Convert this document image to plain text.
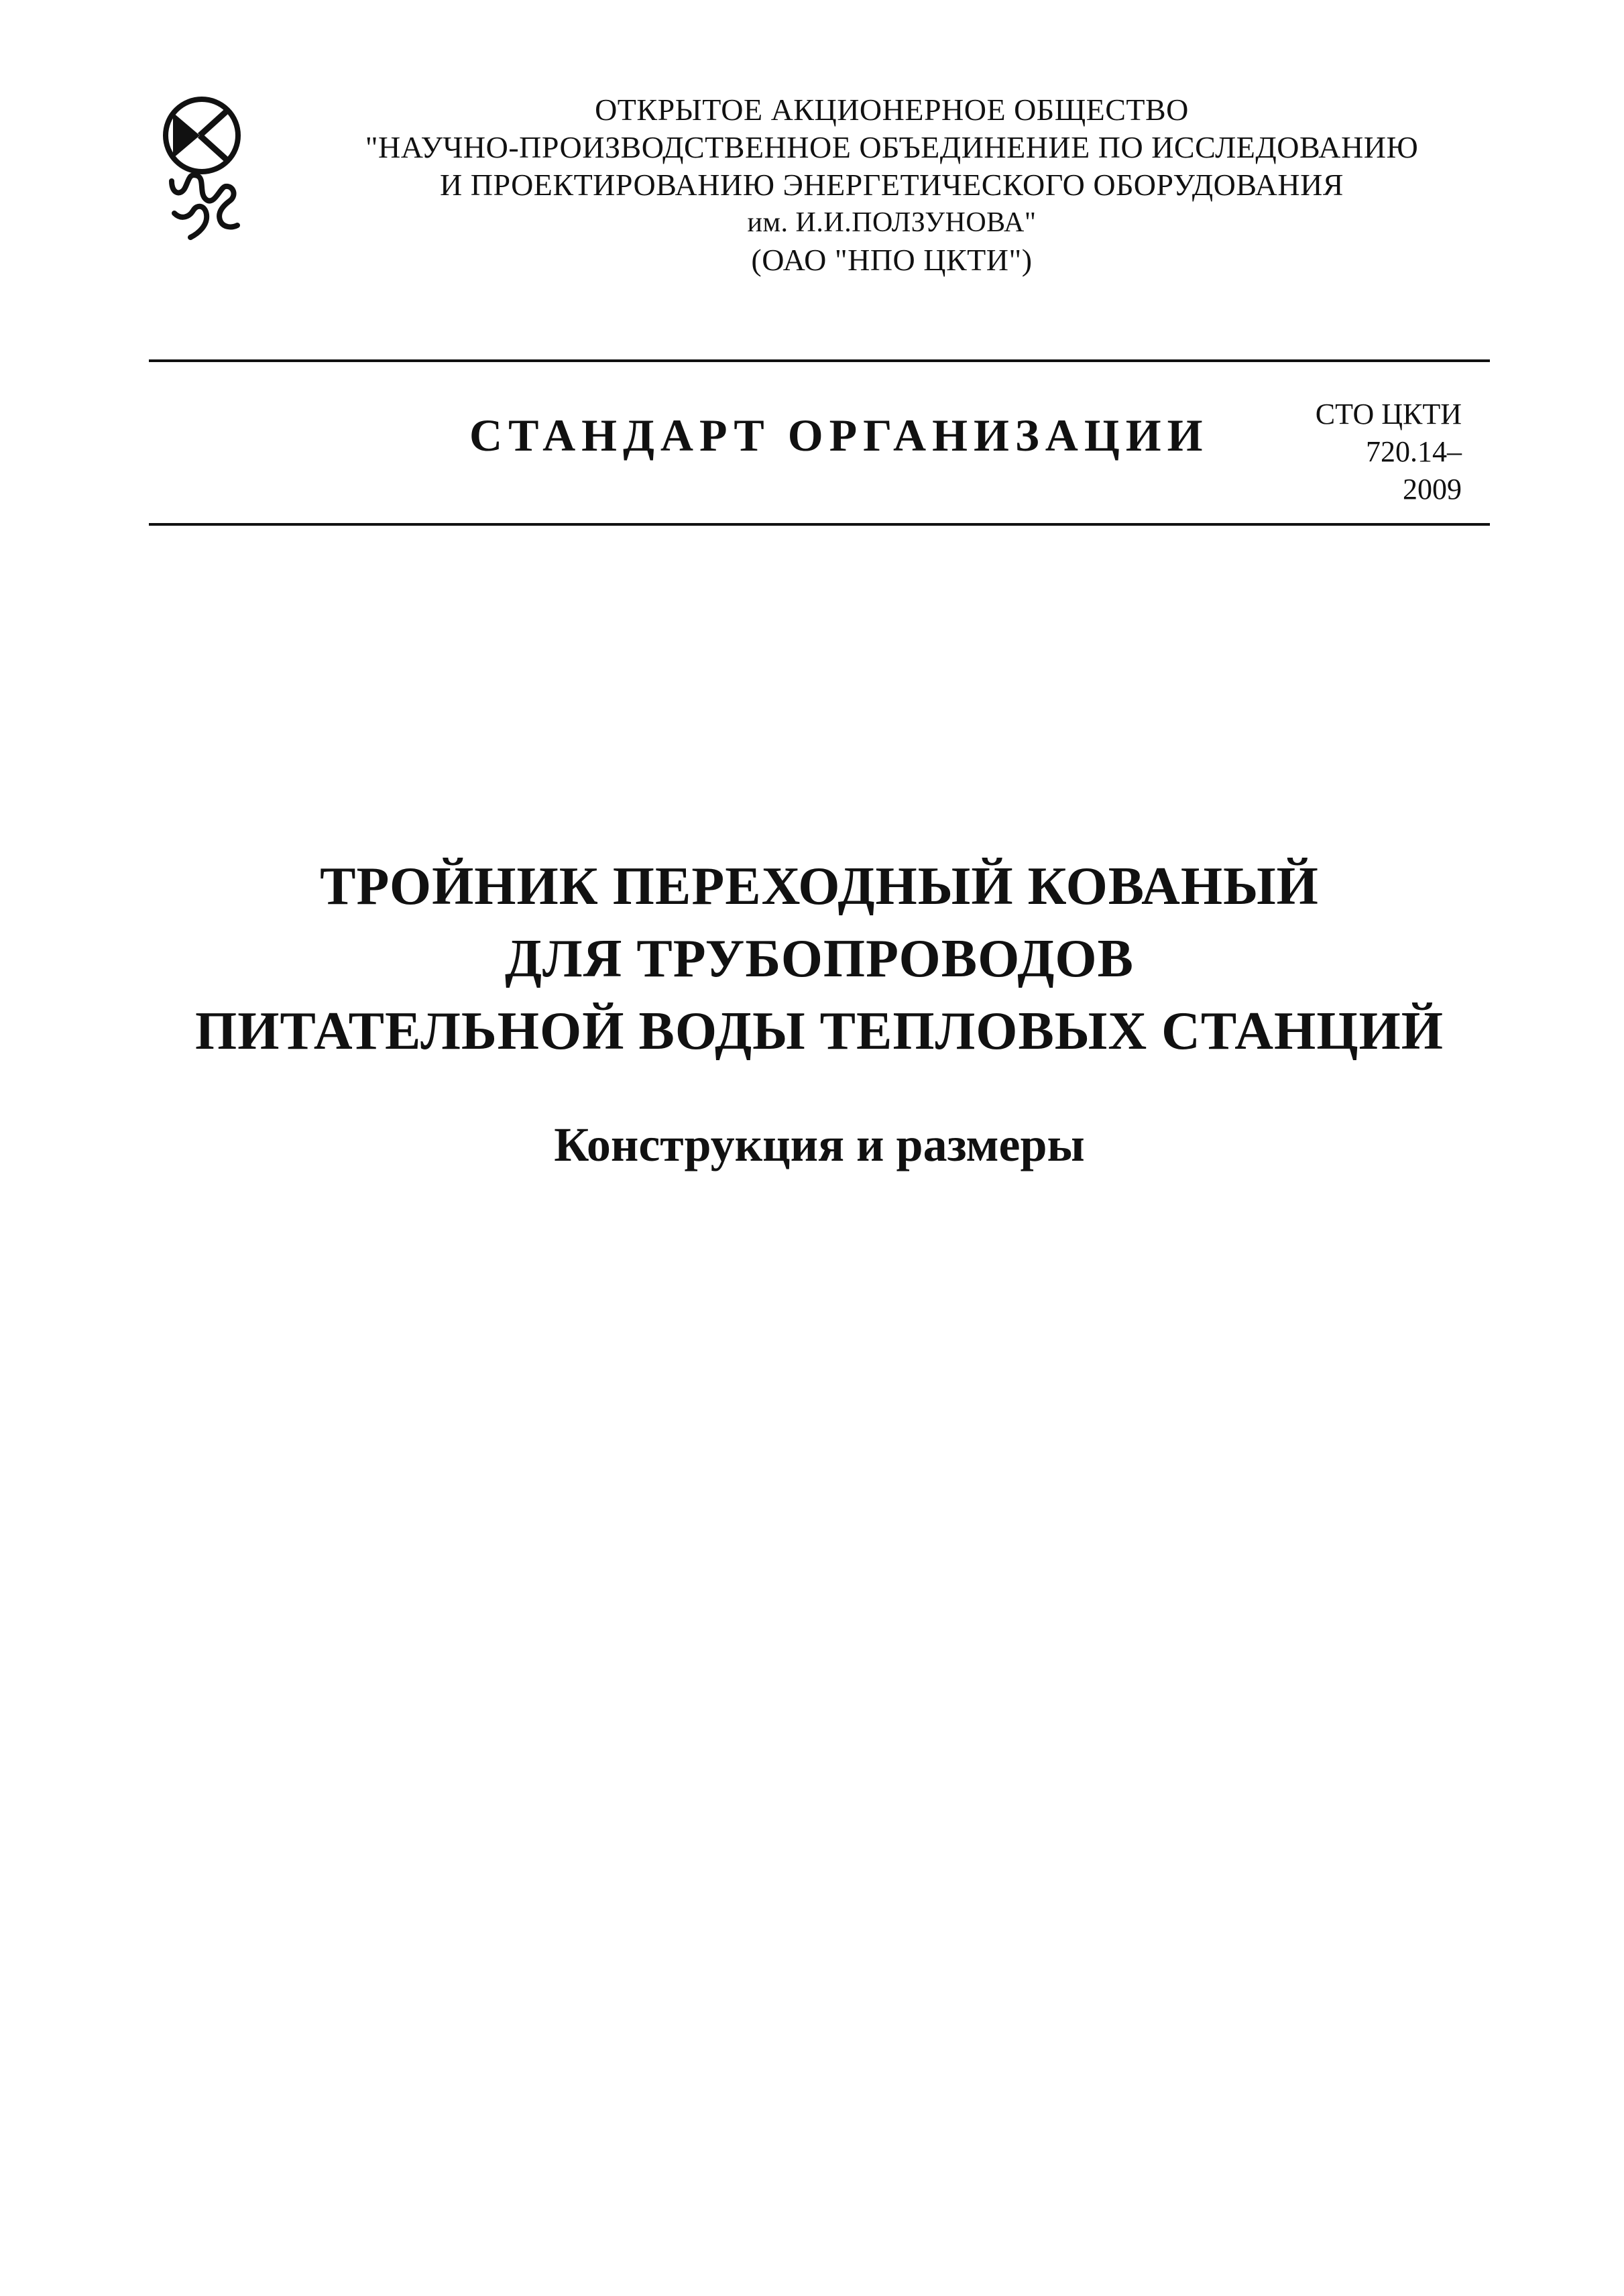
ОТКРЫТОЕ АКЦИОНЕРНОЕ ОБЩЕСТВО
"НАУЧНО-ПРОИЗВОДСТВЕННОЕ ОБЪЕДИНЕНИЕ ПО ИССЛЕДОВАНИЮ
И ПРОЕКТИРОВАНИЮ ЭНЕРГЕТИЧЕСКОГО ОБОРУДОВАНИЯ
им. И.И.ПОЛЗУНОВА"
(ОАО "НПО ЦКТИ")
СТАНДАРТ ОРГАНИЗАЦИИ	СТО ЦКТИ
720.14–
2009
ТРОЙНИК ПЕРЕХОДНЫЙ КОВАНЫЙ
ДЛЯ ТРУБОПРОВОДОВ
ПИТАТЕЛЬНОЙ ВОДЫ ТЕПЛОВЫХ СТАНЦИЙ
Конструкция и размеры
